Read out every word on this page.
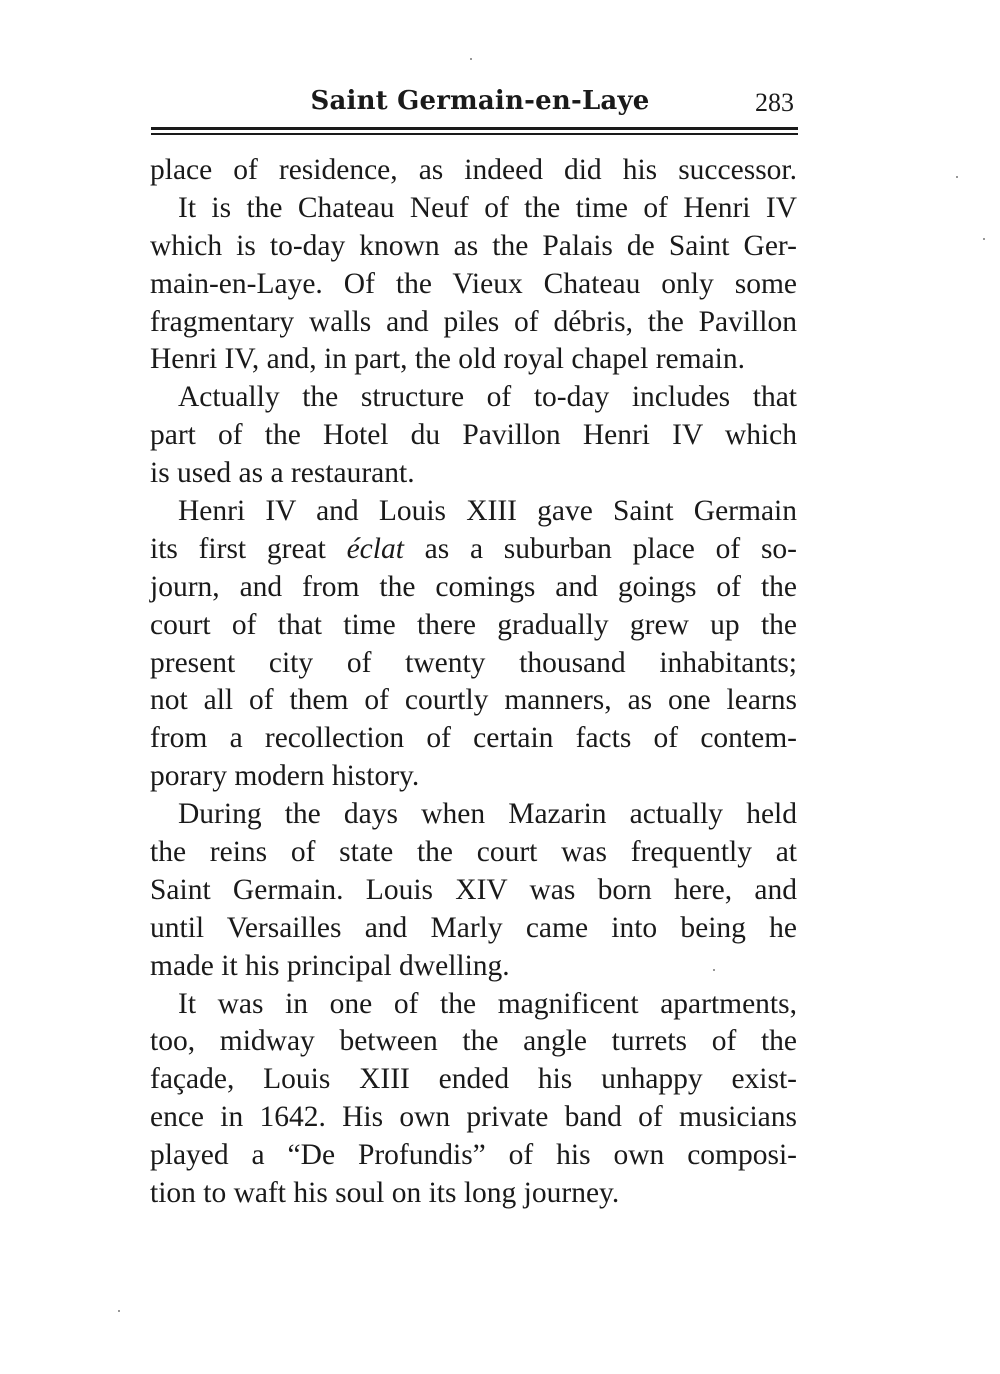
Saint Germain-en-Laye	283
place of residence, as indeed did his successor.
It is the Chateau Neuf of the time of Henri IV
which is to-day known as the Palais de Saint Ger-
main-en-Laye. Of the Vieux Chateau only some
fragmentary walls and piles of débris, the Pavillon
Henri IV, and, in part, the old royal chapel remain.
Actually the structure of to-day includes that
part of the Hotel du Pavillon Henri IV which
is used as a restaurant.
Henri IV and Louis XIII gave Saint Germain
its first great éclat as a suburban place of so-
journ, and from the comings and goings of the
court of that time there gradually grew up the
present city of twenty thousand inhabitants;
not all of them of courtly manners, as one learns
from a recollection of certain facts of contem-
porary modern history.
During the days when Mazarin actually held
the reins of state the court was frequently at
Saint Germain. Louis XIV was born here, and
until Versailles and Marly came into being he
made it his principal dwelling.
It was in one of the magnificent apartments,
too, midway between the angle turrets of the
façade, Louis XIII ended his unhappy exist-
ence in 1642. His own private band of musicians
played a “De Profundis” of his own composi-
tion to waft his soul on its long journey.
